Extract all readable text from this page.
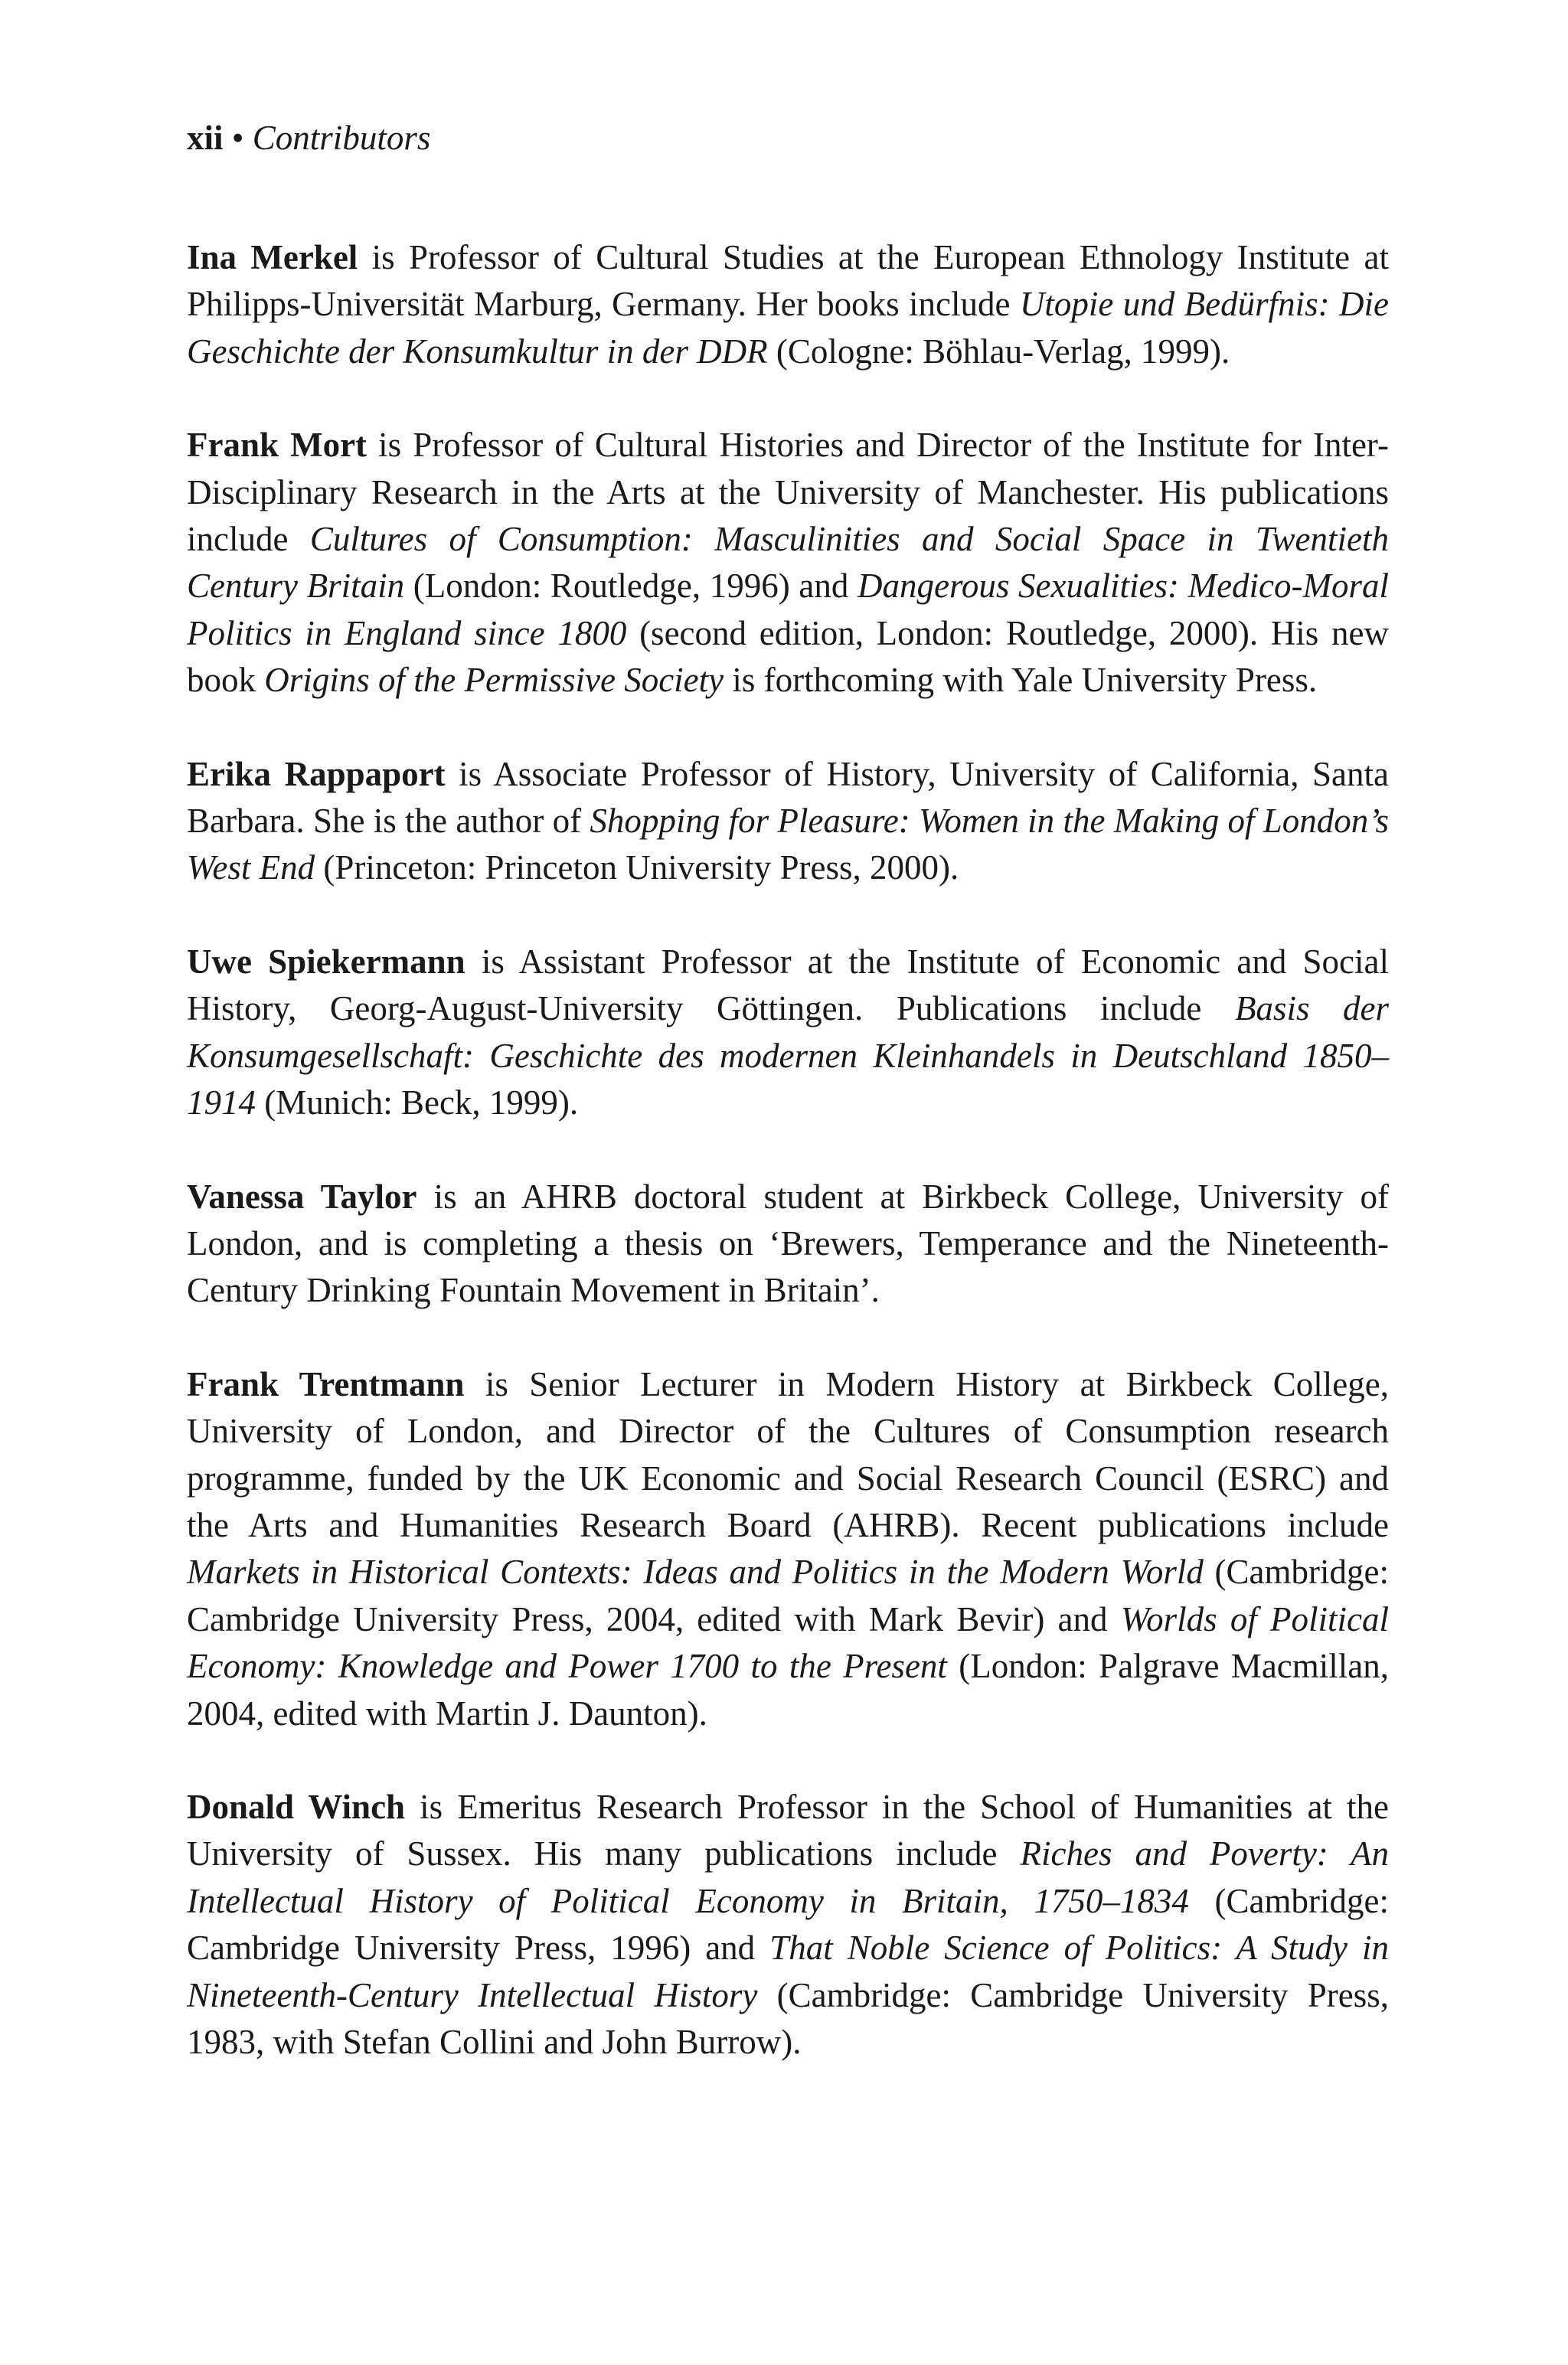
xii • Contributors

Ina Merkel is Professor of Cultural Studies at the European Ethnology Institute at Philipps-Universität Marburg, Germany. Her books include Utopie und Bedürfnis: Die Geschichte der Konsumkultur in der DDR (Cologne: Böhlau-Verlag, 1999).

Frank Mort is Professor of Cultural Histories and Director of the Institute for Inter-Disciplinary Research in the Arts at the University of Manchester. His publications include Cultures of Consumption: Masculinities and Social Space in Twentieth Century Britain (London: Routledge, 1996) and Dangerous Sexualities: Medico-Moral Politics in England since 1800 (second edition, London: Routledge, 2000). His new book Origins of the Permissive Society is forthcoming with Yale University Press.

Erika Rappaport is Associate Professor of History, University of California, Santa Barbara. She is the author of Shopping for Pleasure: Women in the Making of London’s West End (Princeton: Princeton University Press, 2000).

Uwe Spiekermann is Assistant Professor at the Institute of Economic and Social History, Georg-August-University Göttingen. Publications include Basis der Konsumgesellschaft: Geschichte des modernen Kleinhandels in Deutschland 1850–1914 (Munich: Beck, 1999).

Vanessa Taylor is an AHRB doctoral student at Birkbeck College, University of London, and is completing a thesis on ‘Brewers, Temperance and the Nineteenth-Century Drinking Fountain Movement in Britain’.

Frank Trentmann is Senior Lecturer in Modern History at Birkbeck College, University of London, and Director of the Cultures of Consumption research programme, funded by the UK Economic and Social Research Council (ESRC) and the Arts and Humanities Research Board (AHRB). Recent publications include Markets in Historical Contexts: Ideas and Politics in the Modern World (Cambridge: Cambridge University Press, 2004, edited with Mark Bevir) and Worlds of Political Economy: Knowledge and Power 1700 to the Present (London: Palgrave Macmillan, 2004, edited with Martin J. Daunton).

Donald Winch is Emeritus Research Professor in the School of Humanities at the University of Sussex. His many publications include Riches and Poverty: An Intellectual History of Political Economy in Britain, 1750–1834 (Cambridge: Cambridge University Press, 1996) and That Noble Science of Politics: A Study in Nineteenth-Century Intellectual History (Cambridge: Cambridge University Press, 1983, with Stefan Collini and John Burrow).
